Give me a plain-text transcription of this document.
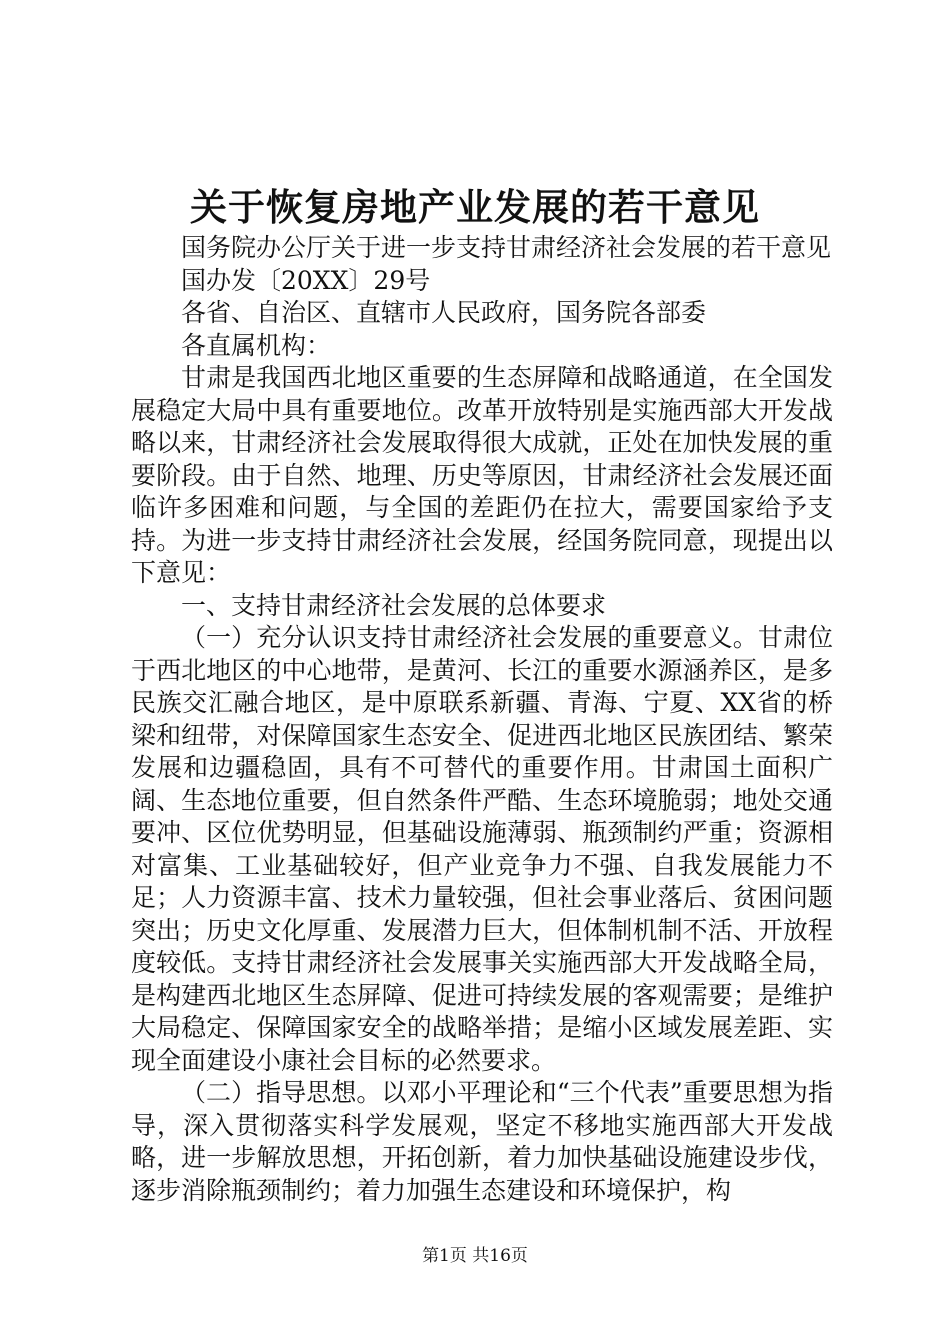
关于恢复房地产业发展的若干意见

国务院办公厅关于进一步支持甘肃经济社会发展的若干意见

国办发〔20XX〕29号

各省、自治区、直辖市人民政府，国务院各部委

各直属机构：

甘肃是我国西北地区重要的生态屏障和战略通道，在全国发展稳定大局中具有重要地位。改革开放特别是实施西部大开发战略以来，甘肃经济社会发展取得很大成就，正处在加快发展的重要阶段。由于自然、地理、历史等原因，甘肃经济社会发展还面临许多困难和问题，与全国的差距仍在拉大，需要国家给予支持。为进一步支持甘肃经济社会发展，经国务院同意，现提出以下意见：

一、支持甘肃经济社会发展的总体要求

（一）充分认识支持甘肃经济社会发展的重要意义。甘肃位于西北地区的中心地带，是黄河、长江的重要水源涵养区，是多民族交汇融合地区，是中原联系新疆、青海、宁夏、XX省的桥梁和纽带，对保障国家生态安全、促进西北地区民族团结、繁荣发展和边疆稳固，具有不可替代的重要作用。甘肃国土面积广阔、生态地位重要，但自然条件严酷、生态环境脆弱；地处交通要冲、区位优势明显，但基础设施薄弱、瓶颈制约严重；资源相对富集、工业基础较好，但产业竞争力不强、自我发展能力不足；人力资源丰富、技术力量较强，但社会事业落后、贫困问题突出；历史文化厚重、发展潜力巨大，但体制机制不活、开放程度较低。支持甘肃经济社会发展事关实施西部大开发战略全局，是构建西北地区生态屏障、促进可持续发展的客观需要；是维护大局稳定、保障国家安全的战略举措；是缩小区域发展差距、实现全面建设小康社会目标的必然要求。

（二）指导思想。以邓小平理论和“三个代表”重要思想为指导，深入贯彻落实科学发展观，坚定不移地实施西部大开发战略，进一步解放思想，开拓创新，着力加快基础设施建设步伐，逐步消除瓶颈制约；着力加强生态建设和环境保护，构

第1页 共16页
